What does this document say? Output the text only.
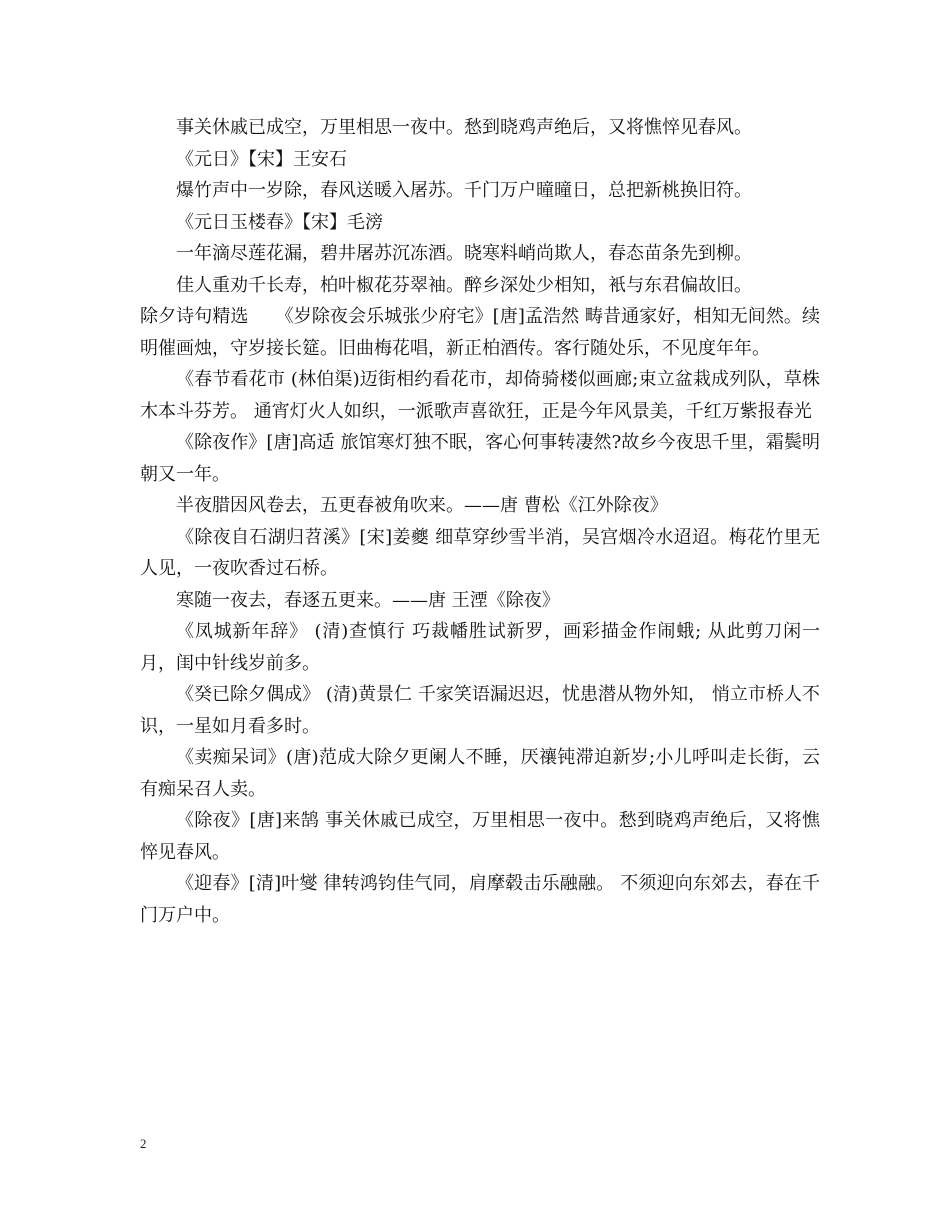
事关休戚已成空，万里相思一夜中。愁到晓鸡声绝后，又将憔悴见春风。

《元日》【宋】王安石

爆竹声中一岁除，春风送暖入屠苏。千门万户曈曈日，总把新桃换旧符。

《元日玉楼春》【宋】毛滂

一年滴尽莲花漏，碧井屠苏沉冻酒。晓寒料峭尚欺人，春态苗条先到柳。

佳人重劝千长寿，柏叶椒花芬翠袖。醉乡深处少相知，衹与东君偏故旧。

除夕诗句精选　　《岁除夜会乐城张少府宅》[唐]孟浩然 畴昔通家好，相知无间然。续明催画烛，守岁接长筵。旧曲梅花唱，新正柏酒传。客行随处乐，不见度年年。

《春节看花市 (林伯渠)迈街相约看花市，却倚骑楼似画廊;束立盆栽成列队，草株木本斗芬芳。 通宵灯火人如织，一派歌声喜欲狂，正是今年风景美，千红万紫报春光

《除夜作》[唐]高适 旅馆寒灯独不眠，客心何事转凄然?故乡今夜思千里，霜鬓明朝又一年。

半夜腊因风卷去，五更春被角吹来。——唐 曹松《江外除夜》

《除夜自石湖归苕溪》[宋]姜夔 细草穿纱雪半消，吴宫烟冷水迢迢。梅花竹里无人见，一夜吹香过石桥。

寒随一夜去，春逐五更来。——唐 王湮《除夜》

《凤城新年辞》 (清)查慎行 巧裁幡胜试新罗，画彩描金作闹蛾; 从此剪刀闲一月，闺中针线岁前多。

《癸已除夕偶成》 (清)黄景仁 千家笑语漏迟迟，忧患潜从物外知， 悄立市桥人不识，一星如月看多时。

《卖痴呆词》(唐)范成大除夕更阑人不睡，厌禳钝滞迫新岁;小儿呼叫走长街，云有痴呆召人卖。

《除夜》[唐]来鹄 事关休戚已成空，万里相思一夜中。愁到晓鸡声绝后，又将憔悴见春风。

《迎春》[清]叶燮 律转鸿钧佳气同，肩摩毂击乐融融。 不须迎向东郊去，春在千门万户中。

2
